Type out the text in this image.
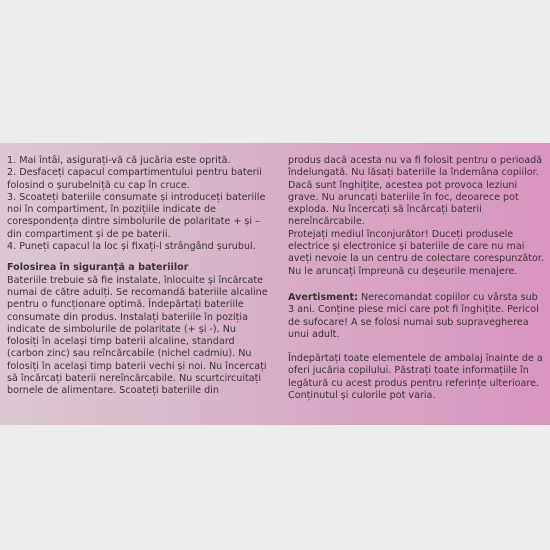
1. Mai întâi, asigurați-vă că jucăria este oprită.

2. Desfaceți capacul compartimentului pentru baterii folosind o șurubelniță cu cap în cruce.

3. Scoateți bateriile consumate și introduceți bateriile noi în compartiment, în pozițiile indicate de corespondența dintre simbolurile de polaritate + și – din compartiment și de pe baterii.

4. Puneți capacul la loc și fixați-l strângând șurubul.

Folosirea în siguranță a bateriilor

Bateriile trebuie să fie instalate, înlocuite și încărcate numai de către adulți. Se recomandă bateriile alcaline pentru o funcționare optimă. Îndepărtați bateriile consumate din produs. Instalați bateriile în poziția indicate de simbolurile de polaritate (+ și -). Nu folosiți în același timp baterii alcaline, standard (carbon zinc) sau reîncărcabile (nichel cadmiu). Nu folosiți în același timp baterii vechi și noi. Nu încercați să încărcați baterii nereîncărcabile. Nu scurtcircuitați bornele de alimentare. Scoateți bateriile din

produs dacă acesta nu va fi folosit pentru o perioadă îndelungată. Nu lăsați bateriile la îndemâna copiilor. Dacă sunt înghițite, acestea pot provoca leziuni grave. Nu aruncați bateriile în foc, deoarece pot exploda. Nu încercați să încărcați baterii nereîncărcabile.

Protejați mediul înconjurător! Duceți produsele electrice și electronice și bateriile de care nu mai aveți nevoie la un centru de colectare corespunzător. Nu le aruncați împreună cu deșeurile menajere.

Avertisment: Nerecomandat copiilor cu vârsta sub 3 ani. Conține piese mici care pot fi înghițite. Pericol de sufocare! A se folosi numai sub supravegherea unui adult.

Îndepărtați toate elementele de ambalaj înainte de a oferi jucăria copilului. Păstrați toate informațiile în legătură cu acest produs pentru referințe ulterioare. Conținutul și culorile pot varia.
